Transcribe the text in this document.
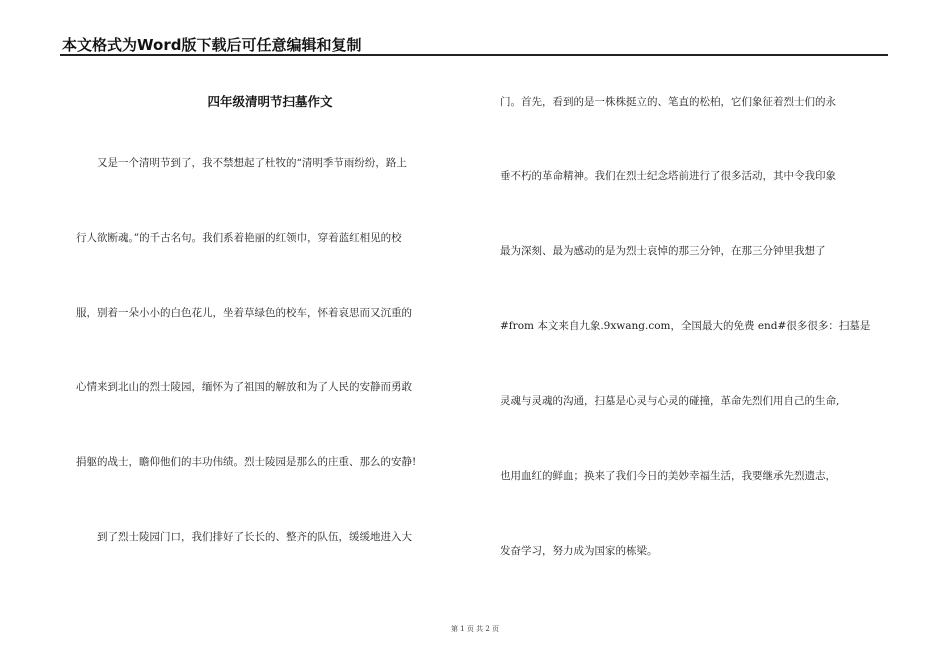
本文格式为Word版下载后可任意编辑和复制
四年级清明节扫墓作文
　　又是一个清明节到了，我不禁想起了杜牧的“清明季节雨纷纷，路上
行人欲断魂。”的千古名句。我们系着艳丽的红领巾，穿着蓝红相见的校
服，别着一朵小小的白色花儿，坐着草绿色的校车，怀着哀思而又沉重的
心情来到北山的烈士陵园，缅怀为了祖国的解放和为了人民的安静而勇敢
捐躯的战士，瞻仰他们的丰功伟绩。烈士陵园是那么的庄重、那么的安静!
　　到了烈士陵园门口，我们排好了长长的、整齐的队伍，缓缓地进入大
门。首先，看到的是一株株挺立的、笔直的松柏，它们象征着烈士们的永
垂不朽的革命精神。我们在烈士纪念塔前进行了很多活动，其中令我印象
最为深刻、最为感动的是为烈士哀悼的那三分钟，在那三分钟里我想了
#from 本文来自九象.9xwang.com，全国最大的免费 end#很多很多：扫墓是
灵魂与灵魂的沟通，扫墓是心灵与心灵的碰撞，革命先烈们用自己的生命,
也用血红的鲜血；换来了我们今日的美妙幸福生活，我要继承先烈遗志，
发奋学习，努力成为国家的栋梁。
第 1 页 共 2 页
